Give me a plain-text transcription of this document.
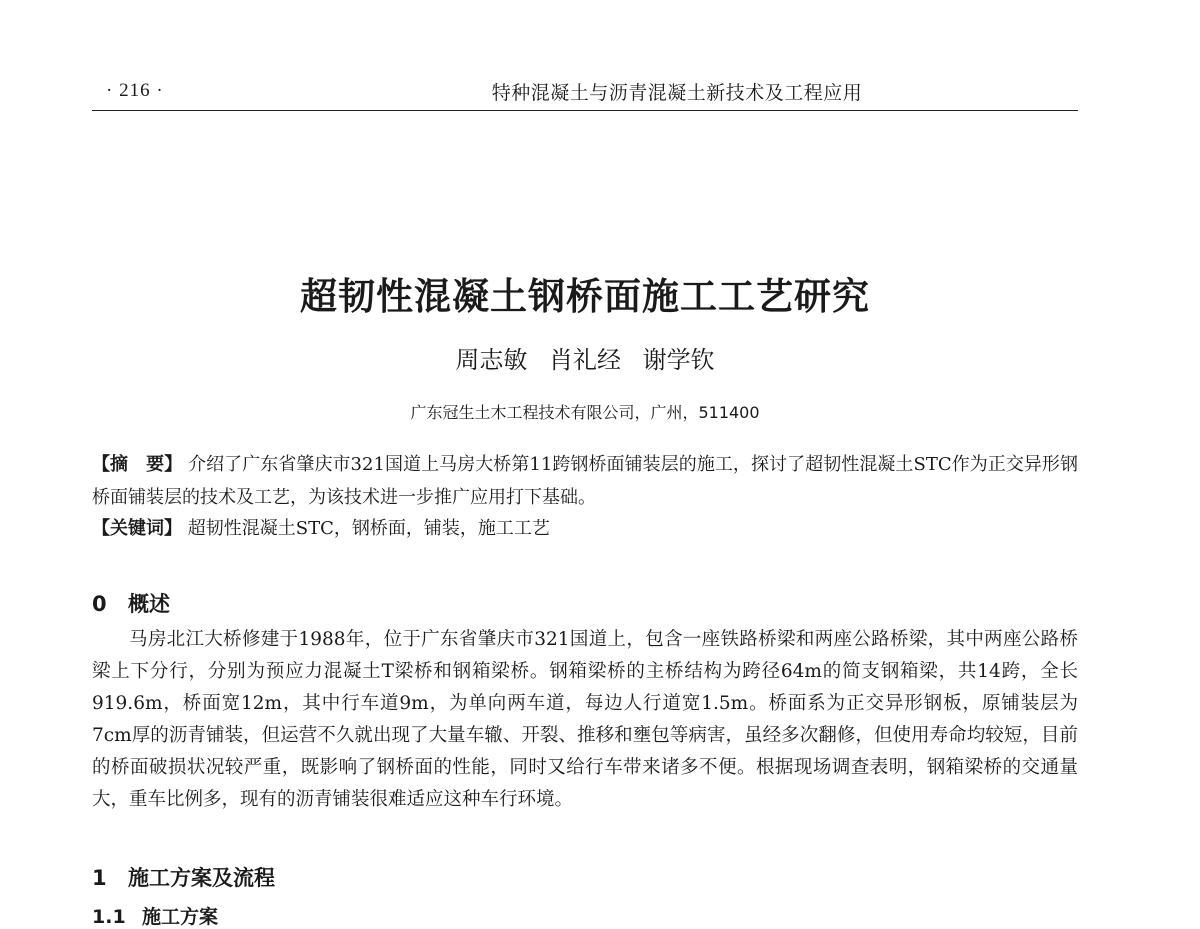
· 216 ·	特种混凝土与沥青混凝土新技术及工程应用
超韧性混凝土钢桥面施工工艺研究
周志敏 肖礼经 谢学钦
广东冠生土木工程技术有限公司，广州，511400
【摘　要】 介绍了广东省肇庆市321国道上马房大桥第11跨钢桥面铺装层的施工，探讨了超韧性混凝土STC作为正交异形钢桥面铺装层的技术及工艺，为该技术进一步推广应用打下基础。
【关键词】 超韧性混凝土STC，钢桥面，铺装，施工工艺
0 概述
马房北江大桥修建于1988年，位于广东省肇庆市321国道上，包含一座铁路桥梁和两座公路桥梁，其中两座公路桥梁上下分行，分别为预应力混凝土T梁桥和钢箱梁桥。钢箱梁桥的主桥结构为跨径64m的简支钢箱梁，共14跨，全长919.6m，桥面宽12m，其中行车道9m，为单向两车道，每边人行道宽1.5m。桥面系为正交异形钢板，原铺装层为7cm厚的沥青铺装，但运营不久就出现了大量车辙、开裂、推移和壅包等病害，虽经多次翻修，但使用寿命均较短，目前的桥面破损状况较严重，既影响了钢桥面的性能，同时又给行车带来诸多不便。根据现场调查表明，钢箱梁桥的交通量大，重车比例多，现有的沥青铺装很难适应这种车行环境。
1 施工方案及流程
1.1 施工方案
